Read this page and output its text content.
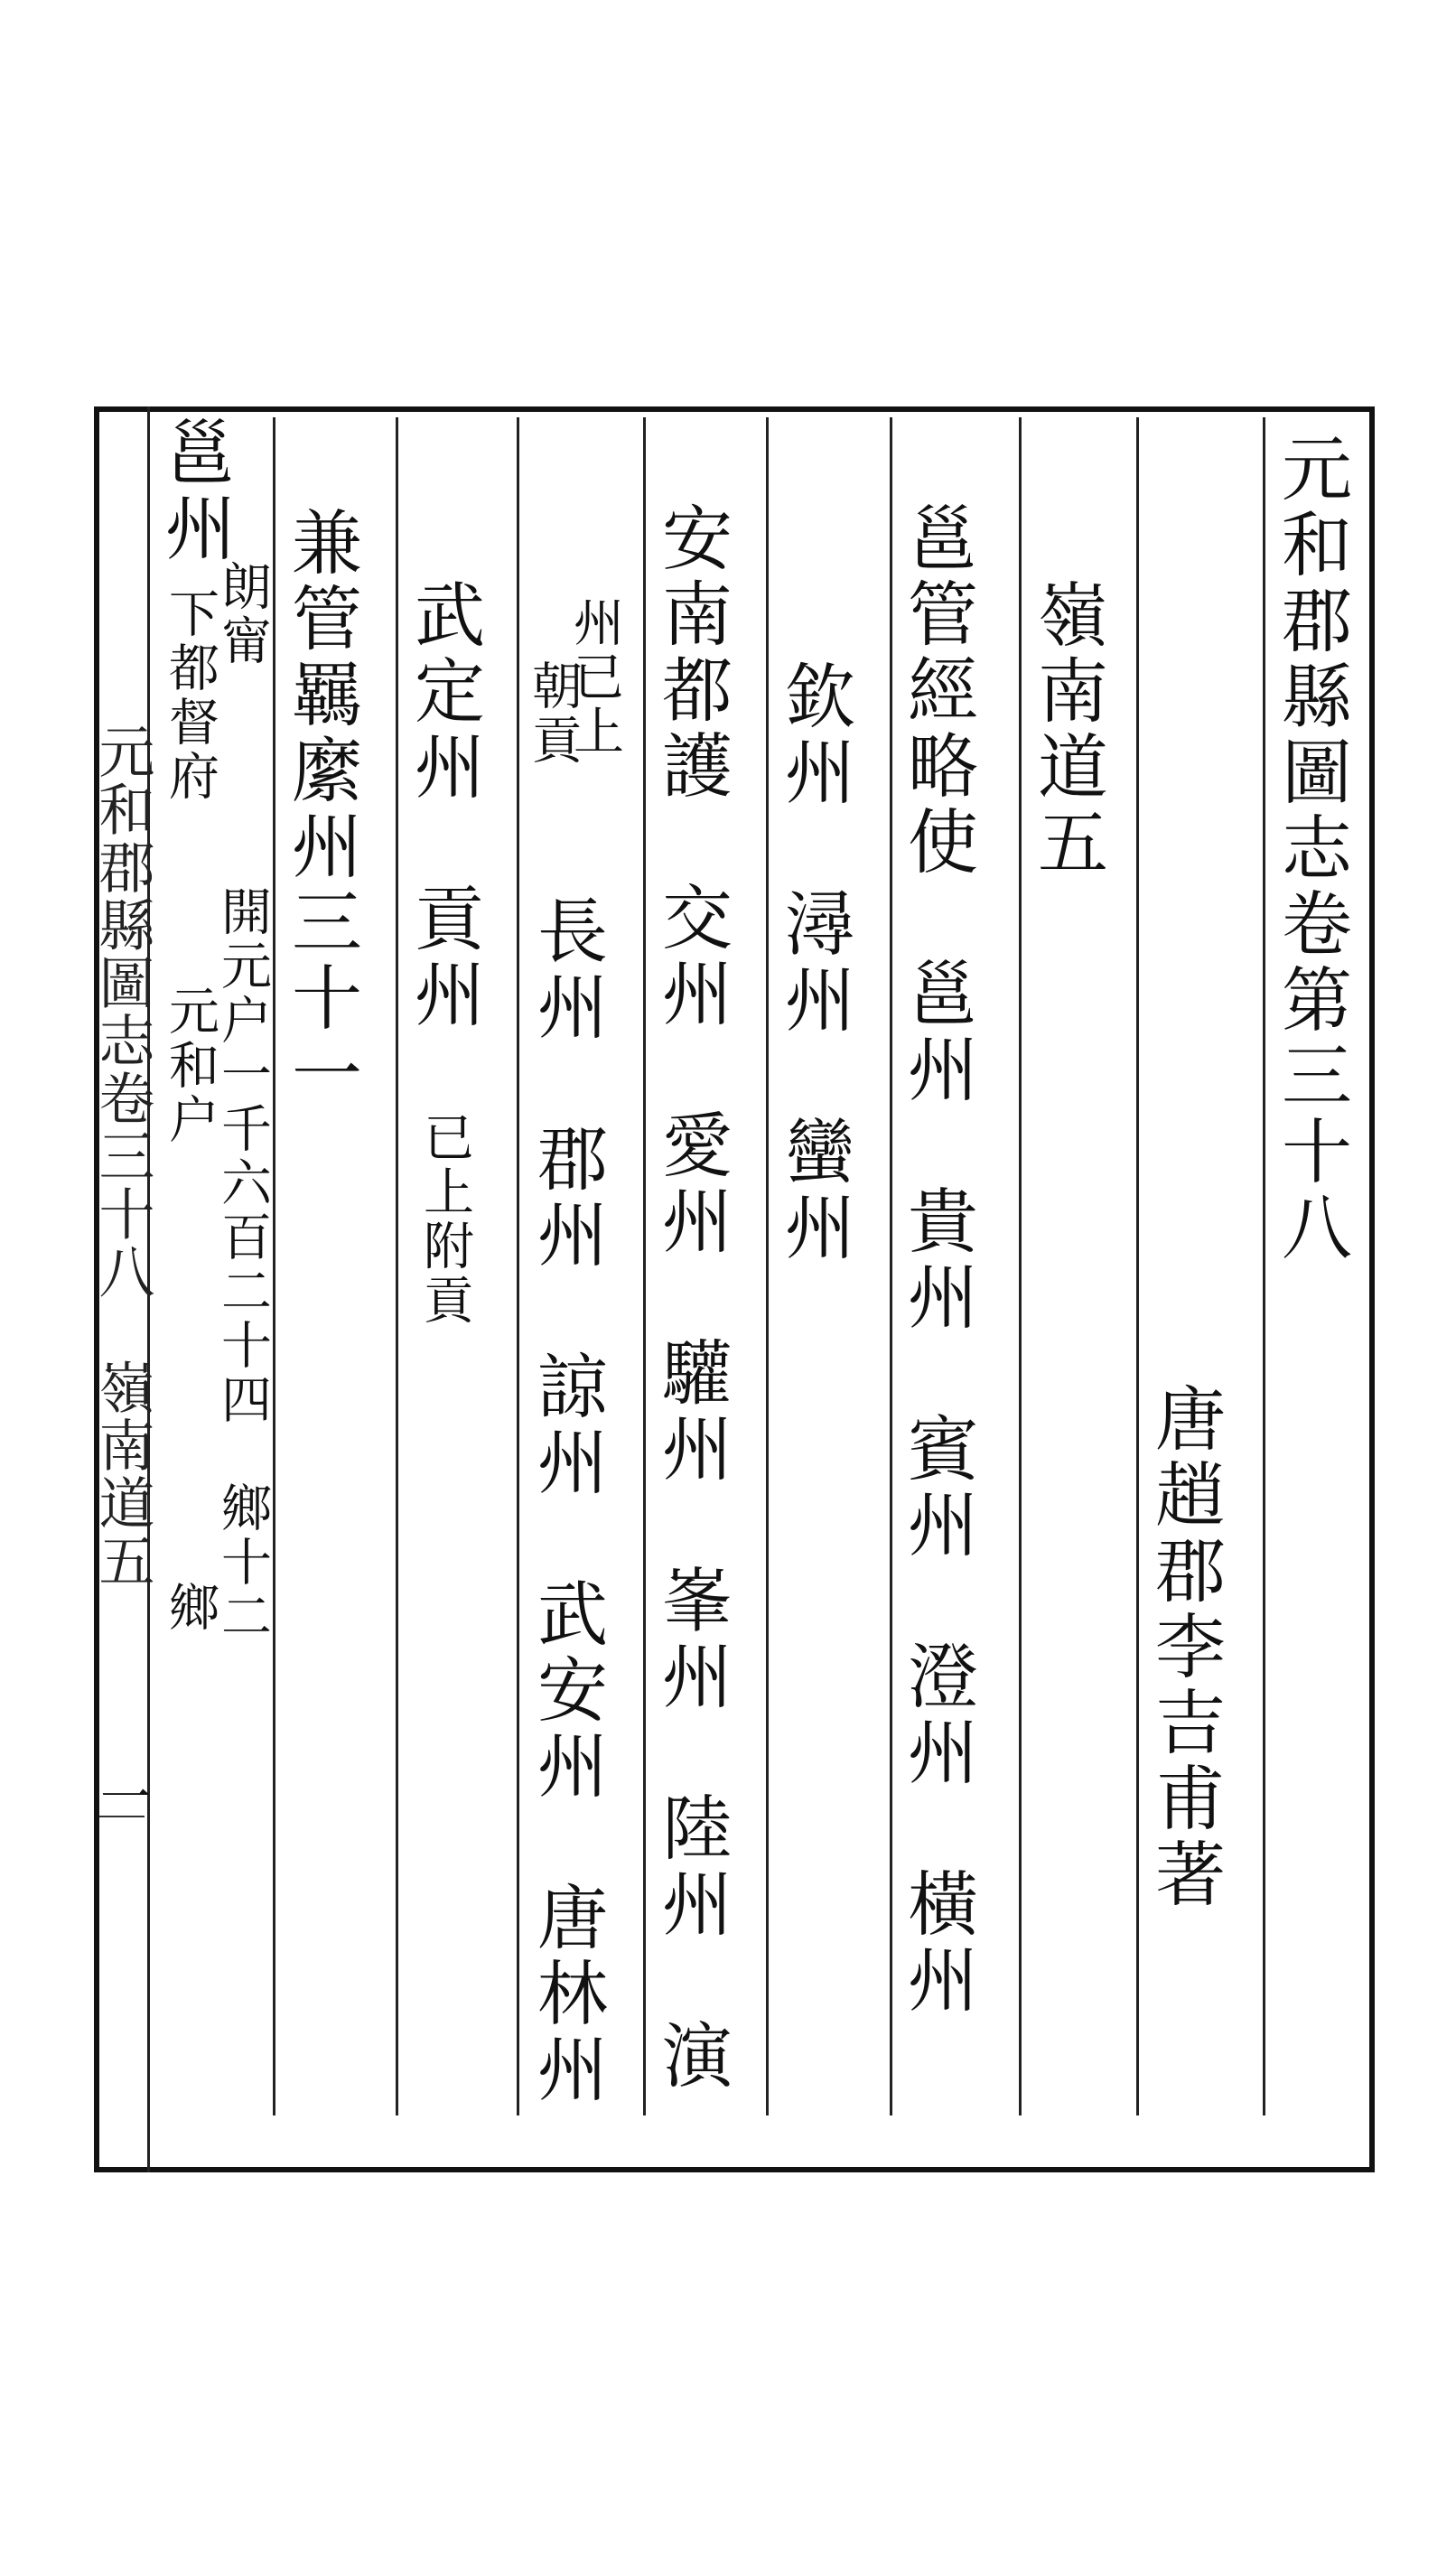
元和郡縣圖志卷第三十八

唐趙郡李吉甫著

嶺南道五

邕管經略使　邕州　貴州　賓州　澄州　橫州

欽州　潯州　蠻州

安南都護　交州　愛州　驩州　峯州　陸州　演

州已上

朝貢

長州　郡州　諒州　武安州　唐林州

武定州　貢州

已上附貢

兼管羈縻州三十一

邕州

朗甯

下都督府

開元户一千六百二十四　鄉十二

元和户　　　　　　　　鄉

元和郡縣圖志卷三十八　嶺南道五

一
